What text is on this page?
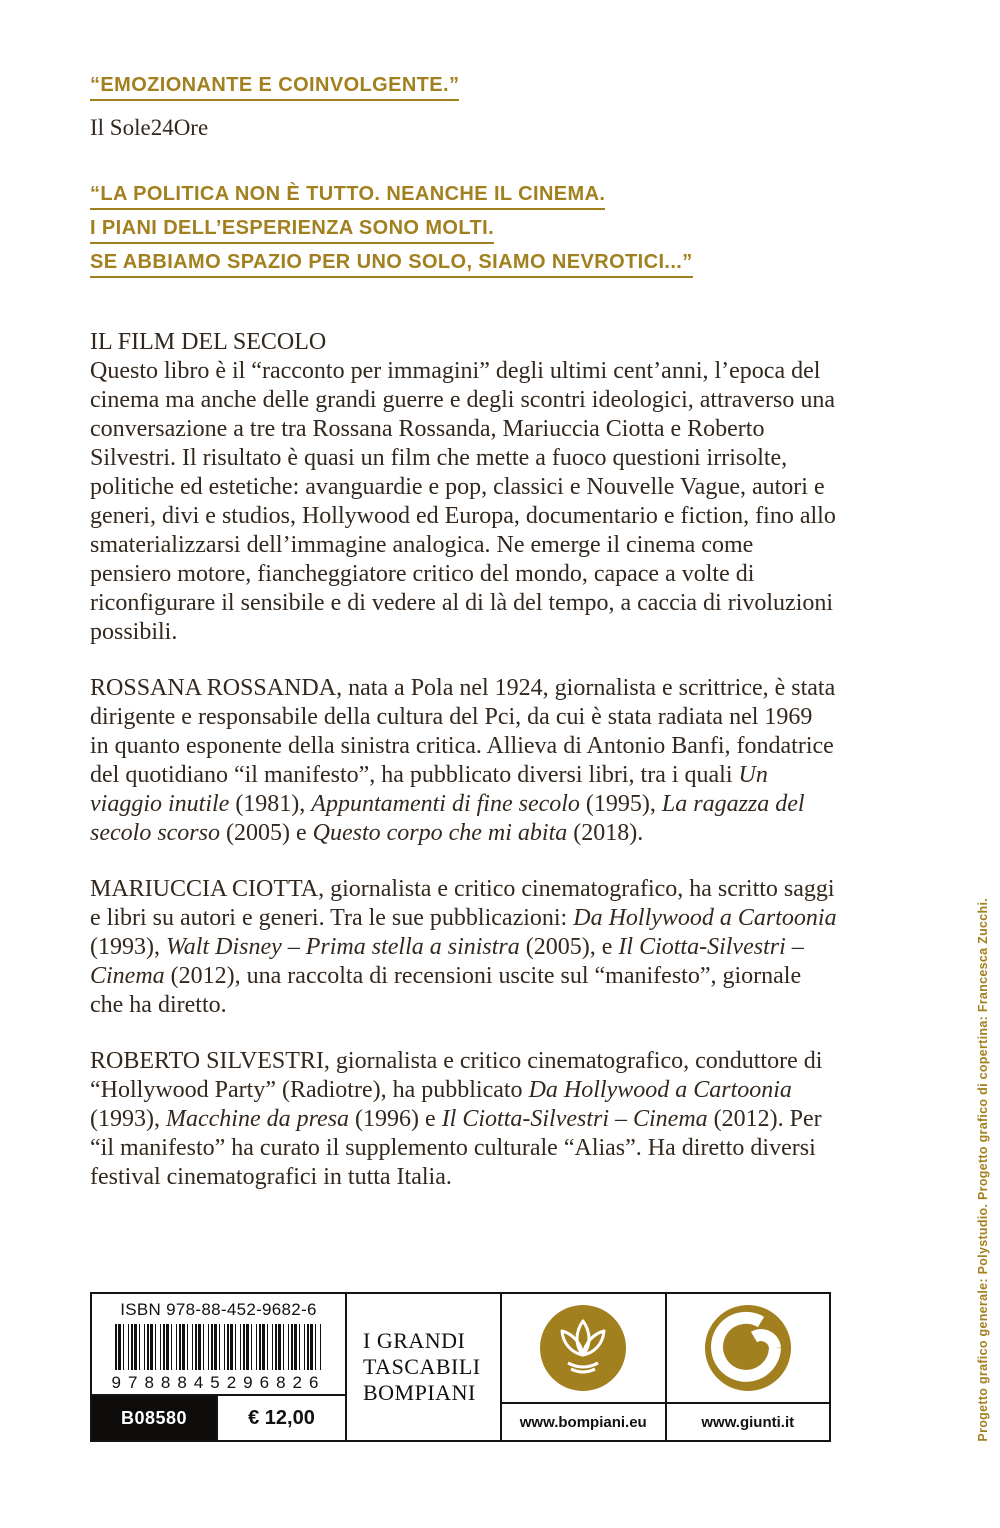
“EMOZIONANTE E COINVOLGENTE.”
Il Sole24Ore
“LA POLITICA NON È TUTTO. NEANCHE IL CINEMA.
I PIANI DELL’ESPERIENZA SONO MOLTI.
SE ABBIAMO SPAZIO PER UNO SOLO, SIAMO NEVROTICI...”
IL FILM DEL SECOLO
Questo libro è il “racconto per immagini” degli ultimi cent’anni, l’epoca del cinema ma anche delle grandi guerre e degli scontri ideologici, attraverso una conversazione a tre tra Rossana Rossanda, Mariuccia Ciotta e Roberto Silvestri. Il risultato è quasi un film che mette a fuoco questioni irrisolte, politiche ed estetiche: avanguardie e pop, classici e Nouvelle Vague, autori e generi, divi e studios, Hollywood ed Europa, documentario e fiction, fino allo smaterializzarsi dell’immagine analogica. Ne emerge il cinema come pensiero motore, fiancheggiatore critico del mondo, capace a volte di riconfigurare il sensibile e di vedere al di là del tempo, a caccia di rivoluzioni possibili.
ROSSANA ROSSANDA, nata a Pola nel 1924, giornalista e scrittrice, è stata dirigente e responsabile della cultura del Pci, da cui è stata radiata nel 1969 in quanto esponente della sinistra critica. Allieva di Antonio Banfi, fondatrice del quotidiano “il manifesto”, ha pubblicato diversi libri, tra i quali Un viaggio inutile (1981), Appuntamenti di fine secolo (1995), La ragazza del secolo scorso (2005) e Questo corpo che mi abita (2018).
MARIUCCIA CIOTTA, giornalista e critico cinematografico, ha scritto saggi e libri su autori e generi. Tra le sue pubblicazioni: Da Hollywood a Cartoonia (1993), Walt Disney – Prima stella a sinistra (2005), e Il Ciotta-Silvestri – Cinema (2012), una raccolta di recensioni uscite sul “manifesto”, giornale che ha diretto.
ROBERTO SILVESTRI, giornalista e critico cinematografico, conduttore di “Hollywood Party” (Radiotre), ha pubblicato Da Hollywood a Cartoonia (1993), Macchine da presa (1996) e Il Ciotta-Silvestri – Cinema (2012). Per “il manifesto” ha curato il supplemento culturale “Alias”. Ha diretto diversi festival cinematografici in tutta Italia.
ISBN 978-88-452-9682-6
9788845296826
B08580	€ 12,00
I GRANDI
TASCABILI
BOMPIANI
www.bompiani.eu	www.giunti.it	Progetto grafico generale: Polystudio. Progetto grafico di copertina: Francesca Zucchi.
